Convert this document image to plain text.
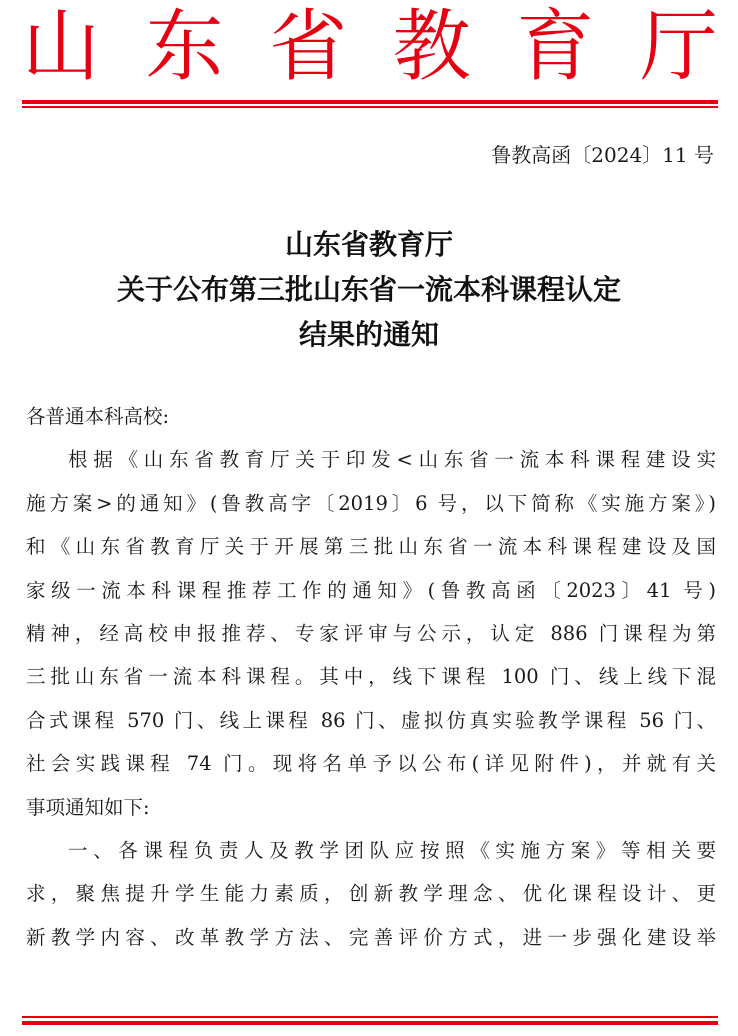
山 东 省 教 育 厅
鲁教高函〔2024〕11 号
山东省教育厅
关于公布第三批山东省一流本科课程认定
结果的通知
各普通本科高校:
根据《山东省教育厅关于印发<山东省一流本科课程建设实
施方案>的通知》(鲁教高字〔2019〕6 号，以下简称《实施方案》)
和《山东省教育厅关于开展第三批山东省一流本科课程建设及国
家级一流本科课程推荐工作的通知》(鲁教高函〔2023〕41 号)
精神，经高校申报推荐、专家评审与公示，认定 886 门课程为第
三批山东省一流本科课程。其中，线下课程 100 门、线上线下混
合式课程 570 门、线上课程 86 门、虚拟仿真实验教学课程 56 门、
社会实践课程 74 门。现将名单予以公布(详见附件)，并就有关
事项通知如下:
一、各课程负责人及教学团队应按照《实施方案》等相关要
求，聚焦提升学生能力素质，创新教学理念、优化课程设计、更
新教学内容、改革教学方法、完善评价方式，进一步强化建设举
